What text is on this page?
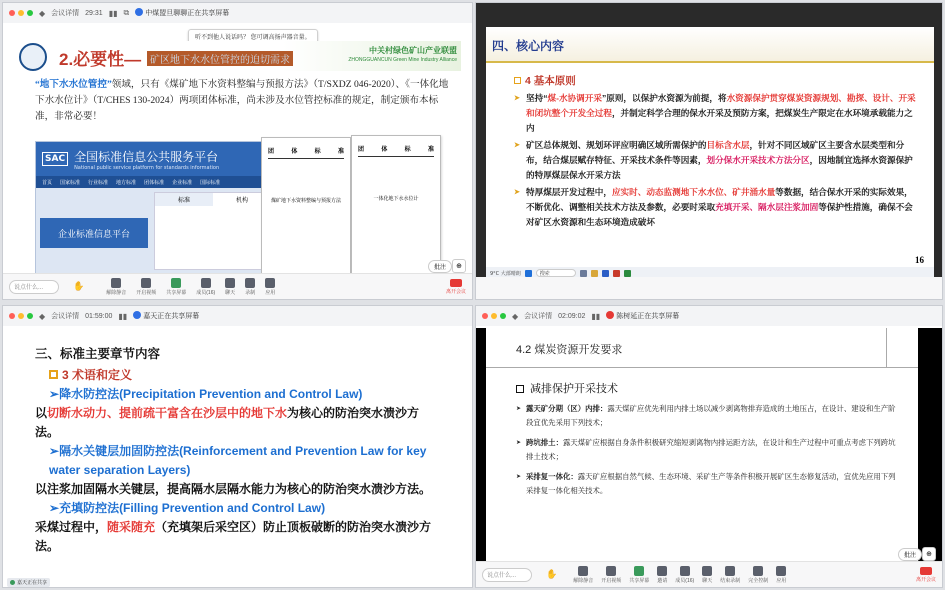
◆ 会议详情 29:31 ▮▮ ⧉	中煤盟旦聊聊正在共享屏幕
听不到他人说话吗？ 您可调高扬声器音量。
2.必要性— 矿区地下水水位管控的迫切需求
中关村绿色矿山产业联盟
ZHONGGUANCUN Green Mine Industry Alliance
“地下水水位管控”领域，只有《煤矿地下水资料整编与预报方法》（T/SXDZ 046-2020）、《一体化地下水水位计》（T/CHES 130-2024）两项团体标准，尚未涉及水位管控标准的规定，制定颁布本标准，非常必要！
SAC 全国标准信息公共服务平台
National public service platform for standards information
首页 国家标准 行业标准 地方标准 团体标准 企业标准 国际标准
企业标准信息平台
标准	机构
团	体	标	准
煤矿地下水资料整编与预报方法
团	体	标	准
一体化地下水水位计
批注	⊕
说点什么...	✋
解除静音 开启视频 共享屏幕 成员(16) 聊天 录制 应用	离开会议
四、核心内容
4 基本原则

➤ 坚持“煤-水协调开采”原则，以保护水资源为前提，将水资源保护贯穿煤炭资源规划、勘探、设计、开采和闭坑整个开发全过程，并制定科学合理的保水开采及预防方案，把煤炭生产限定在水环境承载能力之内

➤ 矿区总体规划、规划环评应明确区域所需保护的目标含水层，针对不同区域矿区主要含水层类型和分布，结合煤层赋存特征、开采技术条件等因素，划分保水开采技术方法分区，因地制宜选择水资源保护的特厚煤层保水开采方法

➤ 特厚煤层开发过程中，应实时、动态监测地下水水位、矿井涌水量等数据，结合保水开采的实际效果，不断优化、调整相关技术方法及参数，必要时采取充填开采、隔水层注浆加固等保护性措施，确保不会对矿区水资源和生态环境造成破坏

16
9°C 大部晴朗	搜索
◆ 会议详情 01:59:00 ▮▮	嘉天正在共享屏幕
三、标准主要章节内容
3 术语和定义
➢降水防控法(Precipitation Prevention and Control Law)
以切断水动力、提前疏干富含在沙层中的地下水为核心的防治突水溃沙方法。
➢隔水关键层加固防控法(Reinforcement and Prevention Law for key water separation Layers)
以注浆加固隔水关键层，提高隔水层隔水能力为核心的防治突水溃沙方法。
➢充填防控法(Filling Prevention and Control Law)
采煤过程中，随采随充（充填架后采空区）防止顶板破断的防治突水溃沙方法。
嘉天正在共享
◆ 会议详情 02:09:02 ▮▮	陈树延正在共享屏幕
4.2 煤炭资源开发要求
减排保护开采技术

➤ 露天矿分期（区）内排：露天煤矿应优先利用内排土场以减少剥离物排弃造成的土地压占，在设计、建设和生产阶段宜优先采用下列技术；

➤ 跨坑排土：露天煤矿应根据自身条件积极研究缩短剥离物内排运距方法，在设计和生产过程中可重点考虑下列跨坑排土技术；

➤ 采排复一体化：露天矿应根据自然气候、生态环境、采矿生产等条件积极开展矿区生态修复活动，宜优先应用下列采排复一体化相关技术。

批注	⊕
说点什么...	✋
解除静音 开启视频 共享屏幕 邀请 成员(16) 聊天 结束录制 完全控制 应用	离开会议
